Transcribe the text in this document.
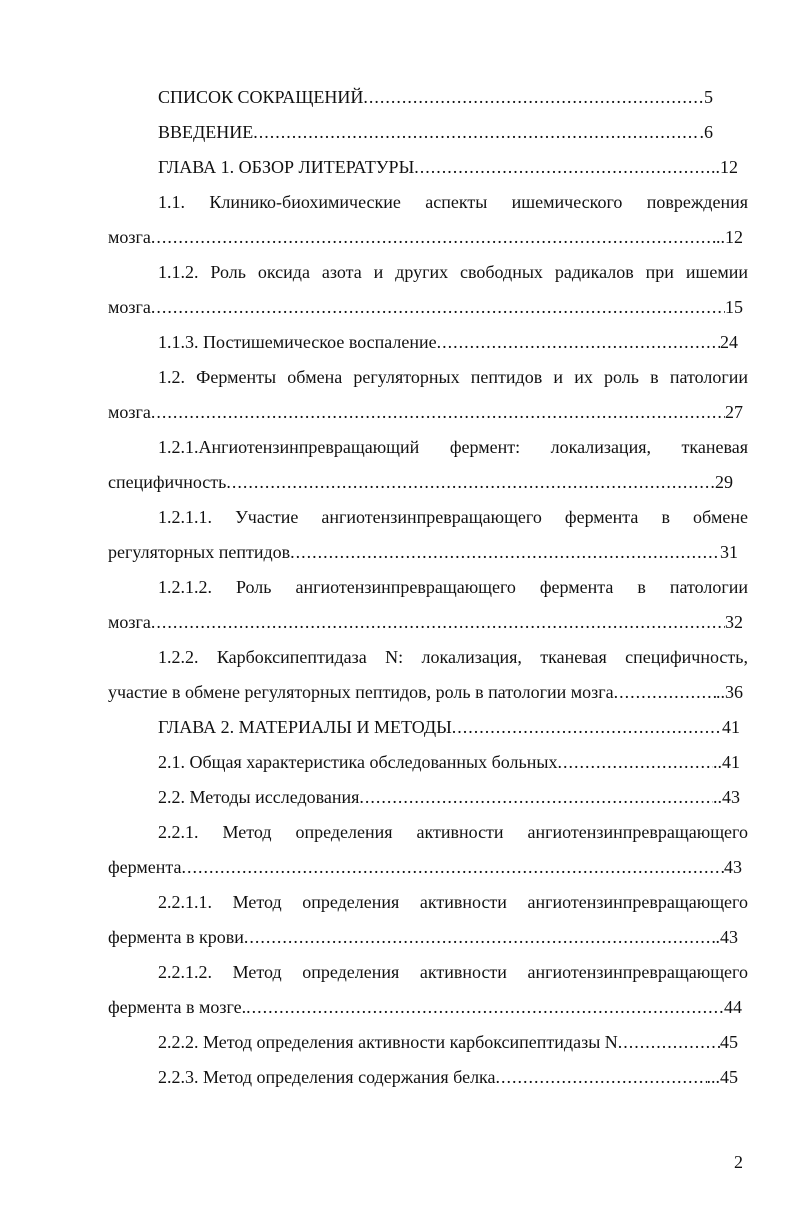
СПИСОК СОКРАЩЕНИЙ .....	5
ВВЕДЕНИЕ .....	.6
ГЛАВА 1. ОБЗОР ЛИТЕРАТУРЫ .....	..12
1.1. Клинико-биохимические аспекты ишемического повреждения
мозга .....	..12
1.1.2. Роль оксида азота и других свободных радикалов при ишемии
мозга .....	15
1.1.3. Постишемическое воспаление .....	24
1.2. Ферменты обмена регуляторных пептидов и их роль в патологии
мозга .....	27
1.2.1.Ангиотензинпревращающий фермент: локализация, тканевая
специфичность .....	29
1.2.1.1. Участие ангиотензинпревращающего фермента в обмене
регуляторных пептидов .....	31
1.2.1.2. Роль ангиотензинпревращающего фермента в патологии
мозга .....	32
1.2.2. Карбоксипептидаза N: локализация, тканевая специфичность,
участие в обмене регуляторных пептидов, роль в патологии мозга .....	..36
ГЛАВА 2. МАТЕРИАЛЫ И МЕТОДЫ .....	41
2.1. Общая характеристика обследованных больных .....	..41
2.2. Методы исследования .....	..43
2.2.1. Метод определения активности ангиотензинпревращающего
фермента .....	43
2.2.1.1. Метод определения активности ангиотензинпревращающего
фермента в крови .....	.43
2.2.1.2. Метод определения активности ангиотензинпревращающего
фермента в мозге. .....	44
2.2.2. Метод определения активности карбоксипептидазы N .....	45
2.2.3. Метод определения содержания белка .....	...45
2
